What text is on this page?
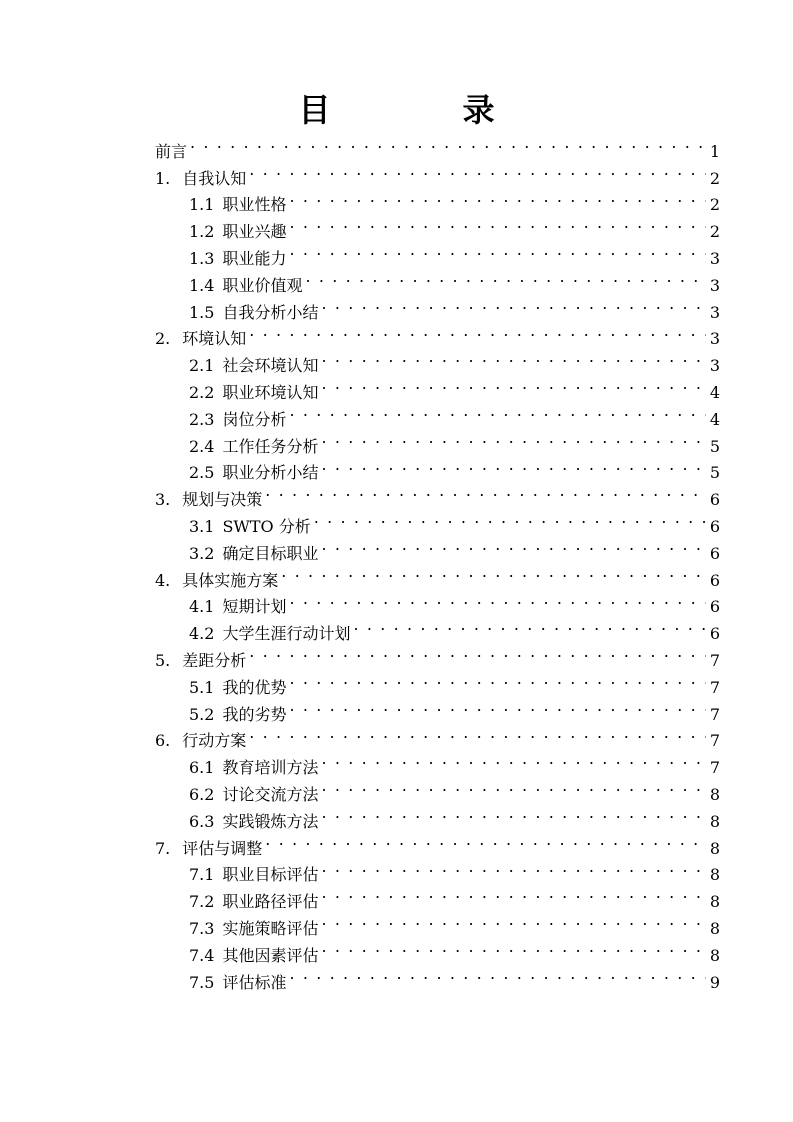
目　录
前言 . . .	1
1. 自我认知 . . .	2
1.1 职业性格 . . .	2
1.2 职业兴趣 . . .	2
1.3 职业能力 . . .	3
1.4 职业价值观 . . .	3
1.5 自我分析小结 . . .	3
2. 环境认知 . . .	3
2.1 社会环境认知 . . .	3
2.2 职业环境认知 . . .	4
2.3 岗位分析 . . .	4
2.4 工作任务分析 . . .	5
2.5 职业分析小结 . . .	5
3. 规划与决策 . . .	6
3.1 SWTO 分析 . . .	6
3.2 确定目标职业 . . .	6
4. 具体实施方案 . . .	6
4.1 短期计划 . . .	6
4.2 大学生涯行动计划 . . .	6
5. 差距分析 . . .	7
5.1 我的优势 . . .	7
5.2 我的劣势 . . .	7
6. 行动方案 . . .	7
6.1 教育培训方法 . . .	7
6.2 讨论交流方法 . . .	8
6.3 实践锻炼方法 . . .	8
7. 评估与调整 . . .	8
7.1 职业目标评估 . . .	8
7.2 职业路径评估 . . .	8
7.3 实施策略评估 . . .	8
7.4 其他因素评估 . . .	8
7.5 评估标准 . . .	9
